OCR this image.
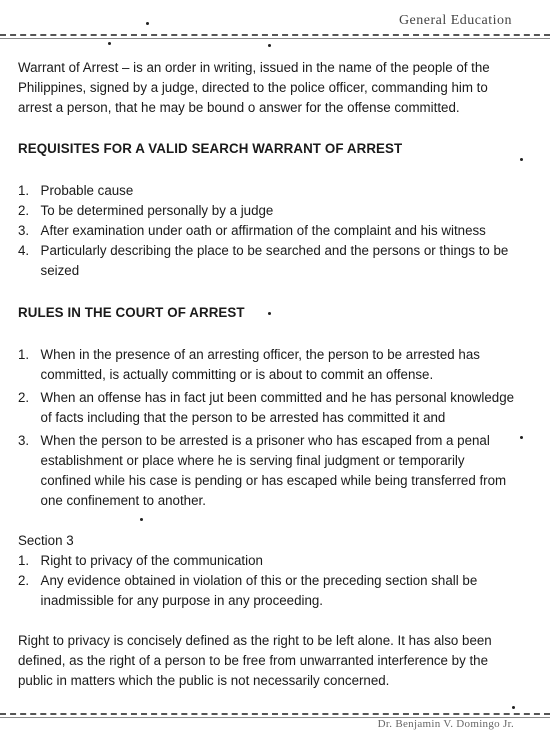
General Education

Warrant of Arrest – is an order in writing, issued in the name of the people of the Philippines, signed by a judge, directed to the police officer, commanding him to arrest a person, that he may be bound o answer for the offense committed.

REQUISITES FOR A VALID SEARCH WARRANT OF ARREST

1. Probable cause
2. To be determined personally by a judge
3. After examination under oath or affirmation of the complaint and his witness
4. Particularly describing the place to be searched and the persons or things to be seized

RULES IN THE COURT OF ARREST

1. When in the presence of an arresting officer, the person to be arrested has committed, is actually committing or is about to commit an offense.
2. When an offense has in fact jut been committed and he has personal knowledge of facts including that the person to be arrested has committed it and
3. When the person to be arrested is a prisoner who has escaped from a penal establishment or place where he is serving final judgment or temporarily confined while his case is pending or has escaped while being transferred from one confinement to another.

Section 3

1. Right to privacy of the communication
2. Any evidence obtained in violation of this or the preceding section shall be inadmissible for any purpose in any proceeding.

Right to privacy is concisely defined as the right to be left alone. It has also been defined, as the right of a person to be free from unwarranted interference by the public in matters which the public is not necessarily concerned.

Dr. Benjamin V. Domingo Jr.
